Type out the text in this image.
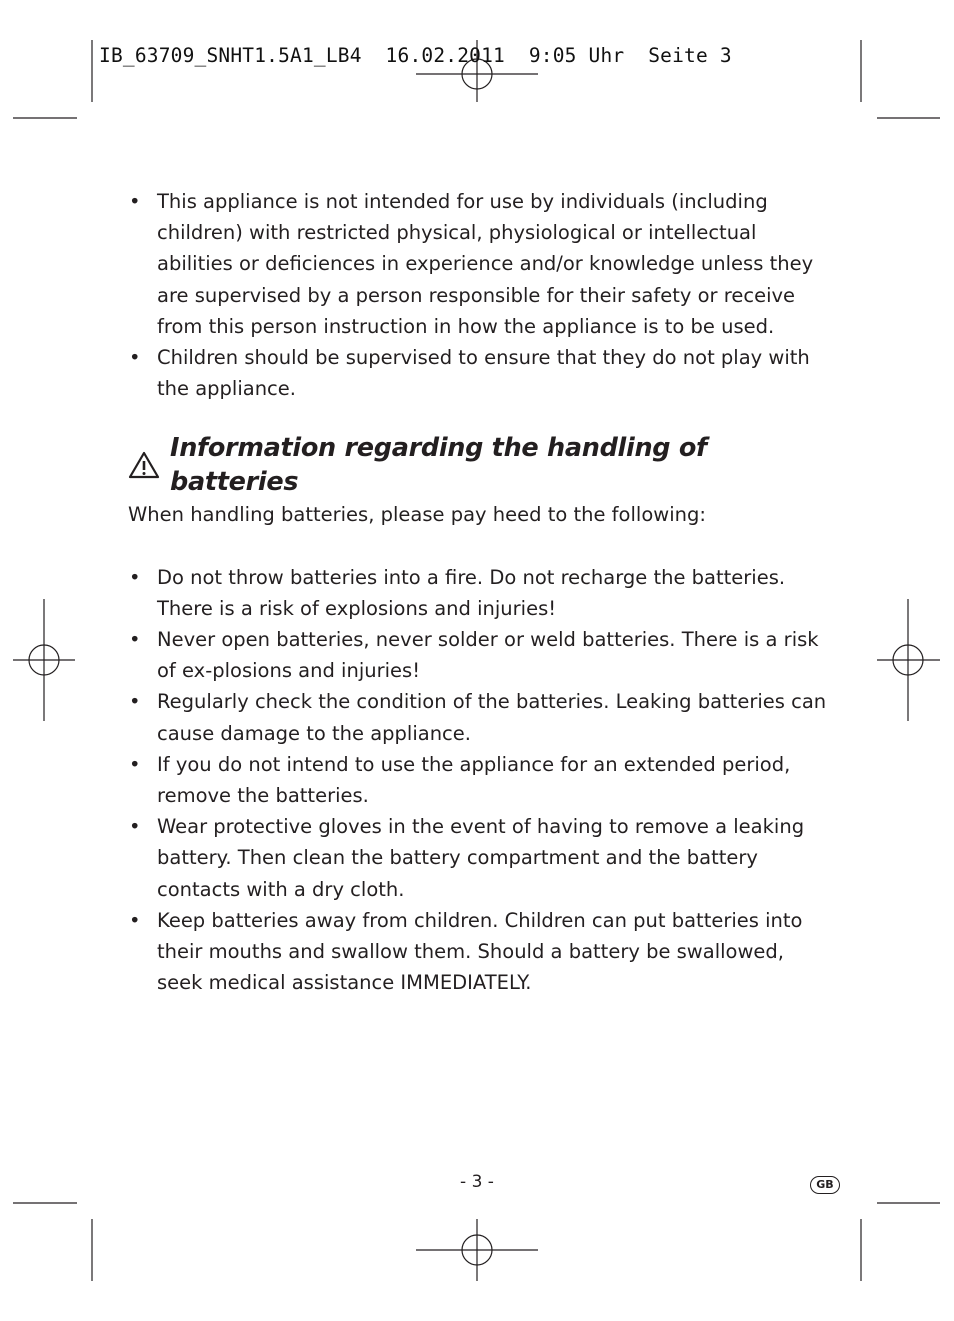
IB_63709_SNHT1.5A1_LB4  16.02.2011  9:05 Uhr  Seite 3
• This appliance is not intended for use by individuals (including children) with restricted physical, physiological or intellectual abilities or deficiences in experience and/or knowledge unless they are supervised by a person responsible for their safety or receive from this person instruction in how the appliance is to be used.
• Children should be supervised to ensure that they do not play with the appliance.
Information regarding the handling of batteries

When handling batteries, please pay heed to the following:

• Do not throw batteries into a fire. Do not recharge the batteries. There is a risk of explosions and injuries!
• Never open batteries, never solder or weld batteries. There is a risk of ex-plosions and injuries!
• Regularly check the condition of the batteries. Leaking batteries can cause damage to the appliance.
• If you do not intend to use the appliance for an extended period, remove the batteries.
• Wear protective gloves in the event of having to remove a leaking battery. Then clean the battery compartment and the battery contacts with a dry cloth.
• Keep batteries away from children. Children can put batteries into their mouths and swallow them. Should a battery be swallowed, seek medical assistance IMMEDIATELY.
- 3 -	GB
